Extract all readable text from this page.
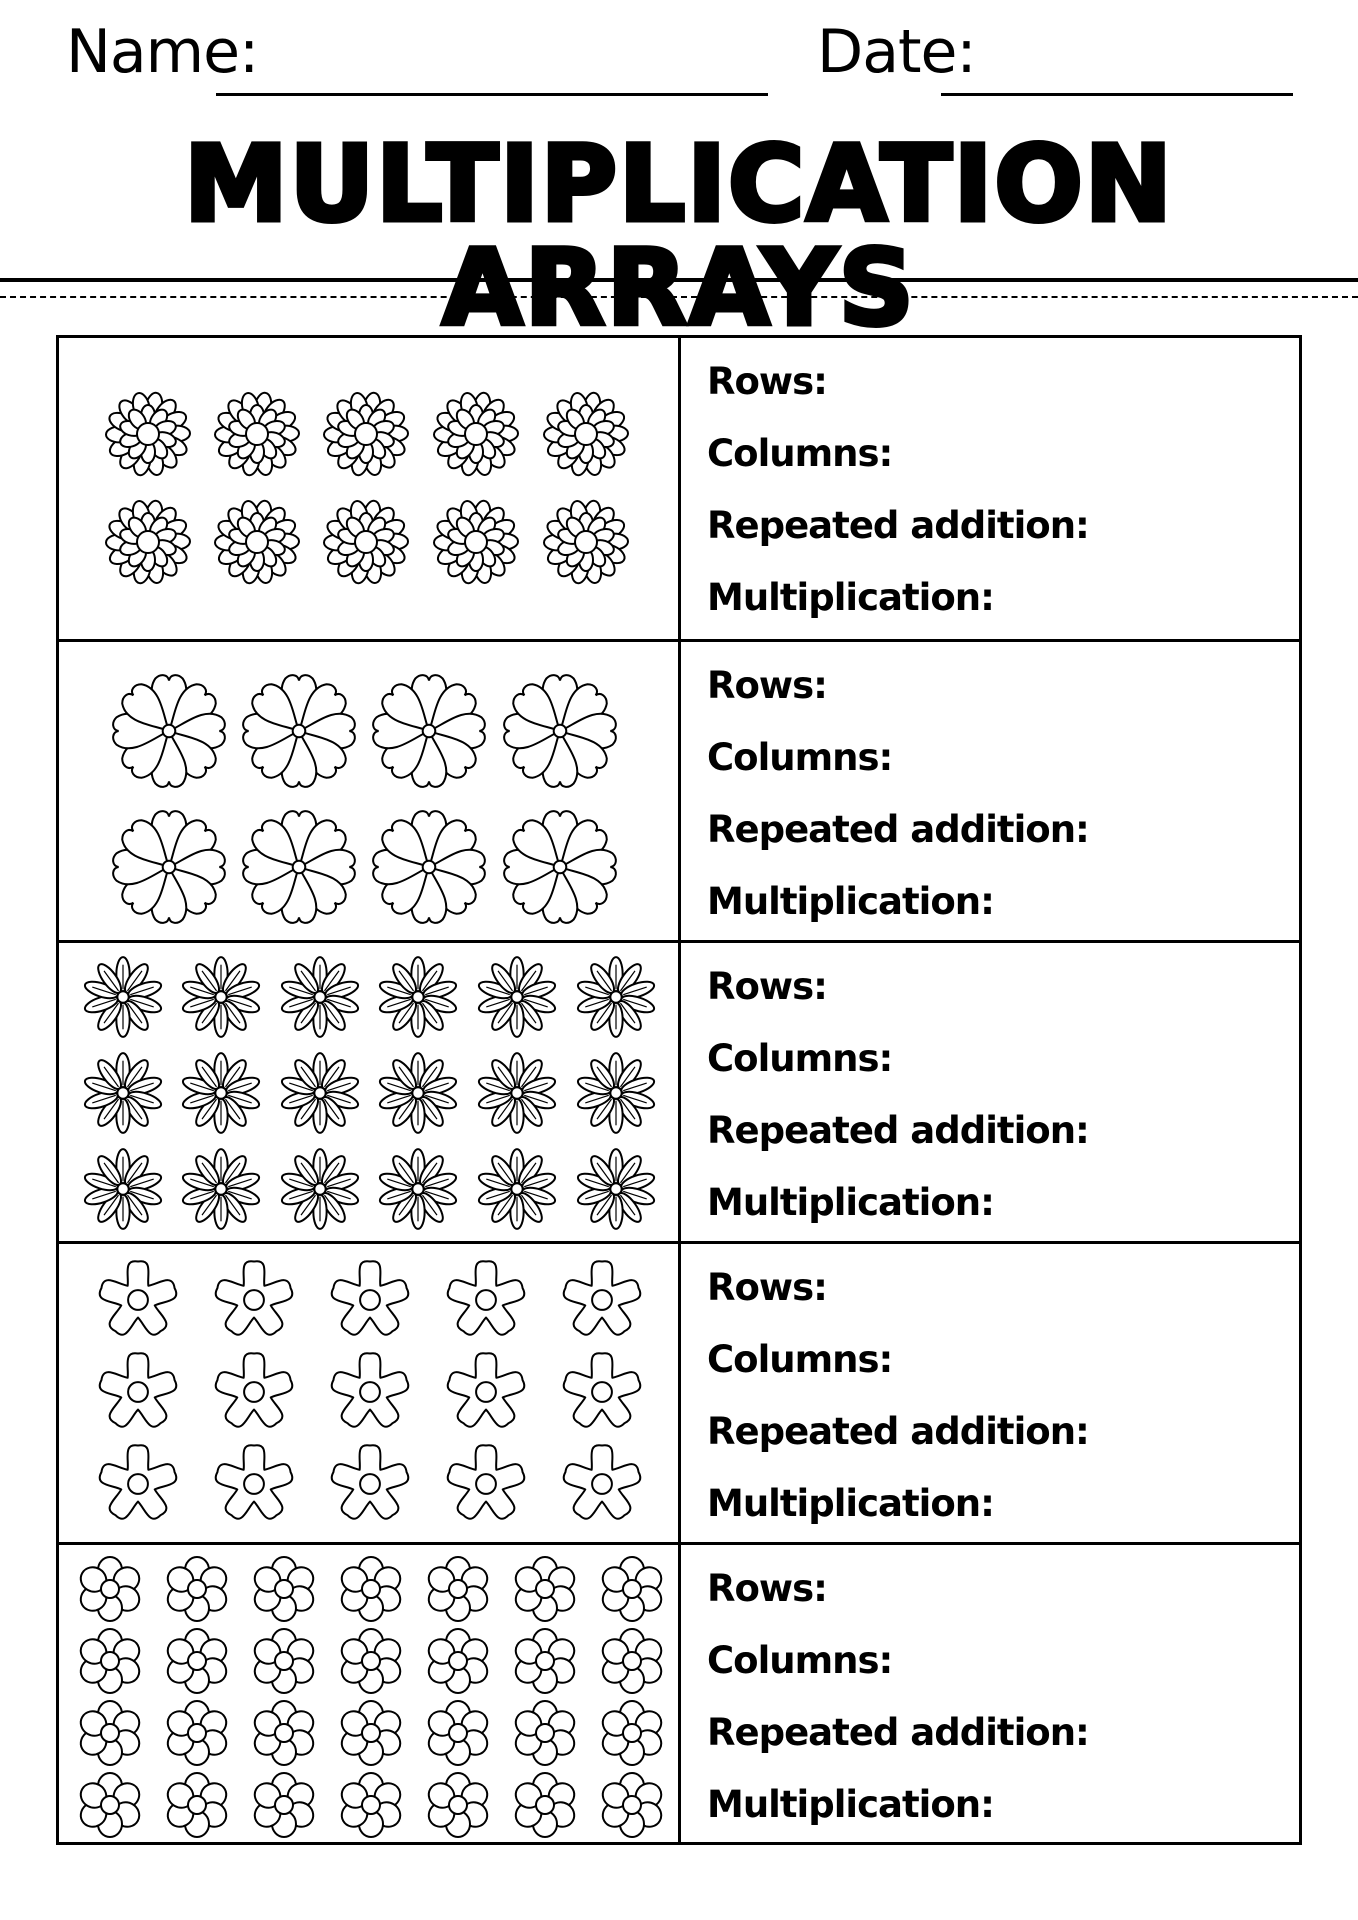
Name:	Date:
MULTIPLICATION ARRAYS
Rows:
Columns:
Repeated addition:
Multiplication:
Rows:
Columns:
Repeated addition:
Multiplication:
Rows:
Columns:
Repeated addition:
Multiplication:
Rows:
Columns:
Repeated addition:
Multiplication:
Rows:
Columns:
Repeated addition:
Multiplication:
